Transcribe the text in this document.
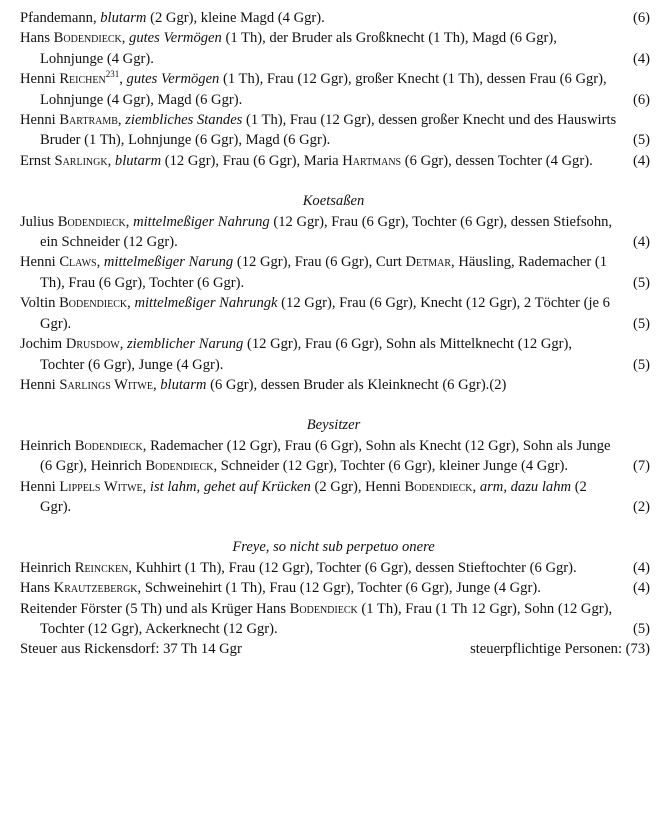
Pfandemann, blutarm (2 Ggr), kleine Magd (4 Ggr).	(6)
Hans Bodendieck, gutes Vermögen (1 Th), der Bruder als Großknecht (1 Th), Magd (6 Ggr), Lohnjunge (4 Ggr).	(4)
Henni Reichen$^{231}$, gutes Vermögen (1 Th), Frau (12 Ggr), großer Knecht (1 Th), dessen Frau (6 Ggr), Lohnjunge (4 Ggr), Magd (6 Ggr).	(6)
Henni Bartramb, ziembliches Standes (1 Th), Frau (12 Ggr), dessen großer Knecht und des Hauswirts Bruder (1 Th), Lohnjunge (6 Ggr), Magd (6 Ggr).	(5)
Ernst Sarlingk, blutarm (12 Ggr), Frau (6 Ggr), Maria Hartmans (6 Ggr), dessen Tochter (4 Ggr).	(4)
Koetsaßen
Julius Bodendieck, mittelmeßiger Nahrung (12 Ggr), Frau (6 Ggr), Tochter (6 Ggr), dessen Stiefsohn, ein Schneider (12 Ggr).	(4)
Henni Claws, mittelmeßiger Narung (12 Ggr), Frau (6 Ggr), Curt Detmar, Häusling, Rademacher (1 Th), Frau (6 Ggr), Tochter (6 Ggr).	(5)
Voltin Bodendieck, mittelmeßiger Nahrungk (12 Ggr), Frau (6 Ggr), Knecht (12 Ggr), 2 Töchter (je 6 Ggr).	(5)
Jochim Drusdow, ziemblicher Narung (12 Ggr), Frau (6 Ggr), Sohn als Mittelknecht (12 Ggr), Tochter (6 Ggr), Junge (4 Ggr).	(5)
Henni Sarlings Witwe, blutarm (6 Ggr), dessen Bruder als Kleinknecht (6 Ggr).(2)
Beysitzer
Heinrich Bodendieck, Rademacher (12 Ggr), Frau (6 Ggr), Sohn als Knecht (12 Ggr), Sohn als Junge (6 Ggr), Heinrich Bodendieck, Schneider (12 Ggr), Tochter (6 Ggr), kleiner Junge (4 Ggr).	(7)
Henni Lippels Witwe, ist lahm, gehet auf Krücken (2 Ggr), Henni Bodendieck, arm, dazu lahm (2 Ggr).	(2)
Freye, so nicht sub perpetuo onere
Heinrich Reincken, Kuhhirt (1 Th), Frau (12 Ggr), Tochter (6 Ggr), dessen Stieftochter (6 Ggr).	(4)
Hans Krautzebergk, Schweinehirt (1 Th), Frau (12 Ggr), Tochter (6 Ggr), Junge (4 Ggr).	(4)
Reitender Förster (5 Th) und als Krüger Hans Bodendieck (1 Th), Frau (1 Th 12 Ggr), Sohn (12 Ggr), Tochter (12 Ggr), Ackerknecht (12 Ggr).	(5)
Steuer aus Rickensdorf: 37 Th 14 Ggr	steuerpflichtige Personen: (73)
